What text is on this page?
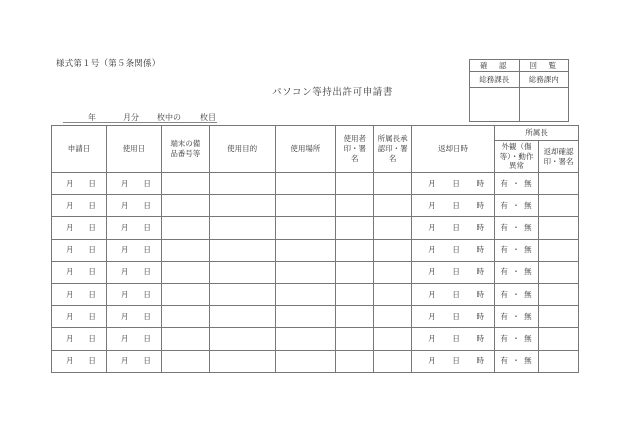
様式第１号（第５条関係）
パソコン等持出許可申請書
確　認	回　覧
総務課長	総務課内

年	月分 枚中の 枚目
申請日	使用日	端末の備品番号等	使用目的	使用場所	使用者印・署名	所属長承認印・署名	返却日時	所属長	

								外観（傷等）・動作異常	返却確認印・署名

月 日	月 日						月 日 時	有 ・ 無	

月 日	月 日						月 日 時	有 ・ 無	

月 日	月 日						月 日 時	有 ・ 無	

月 日	月 日						月 日 時	有 ・ 無	

月 日	月 日						月 日 時	有 ・ 無	

月 日	月 日						月 日 時	有 ・ 無	

月 日	月 日						月 日 時	有 ・ 無	

月 日	月 日						月 日 時	有 ・ 無	

月 日	月 日						月 日 時	有 ・ 無	
